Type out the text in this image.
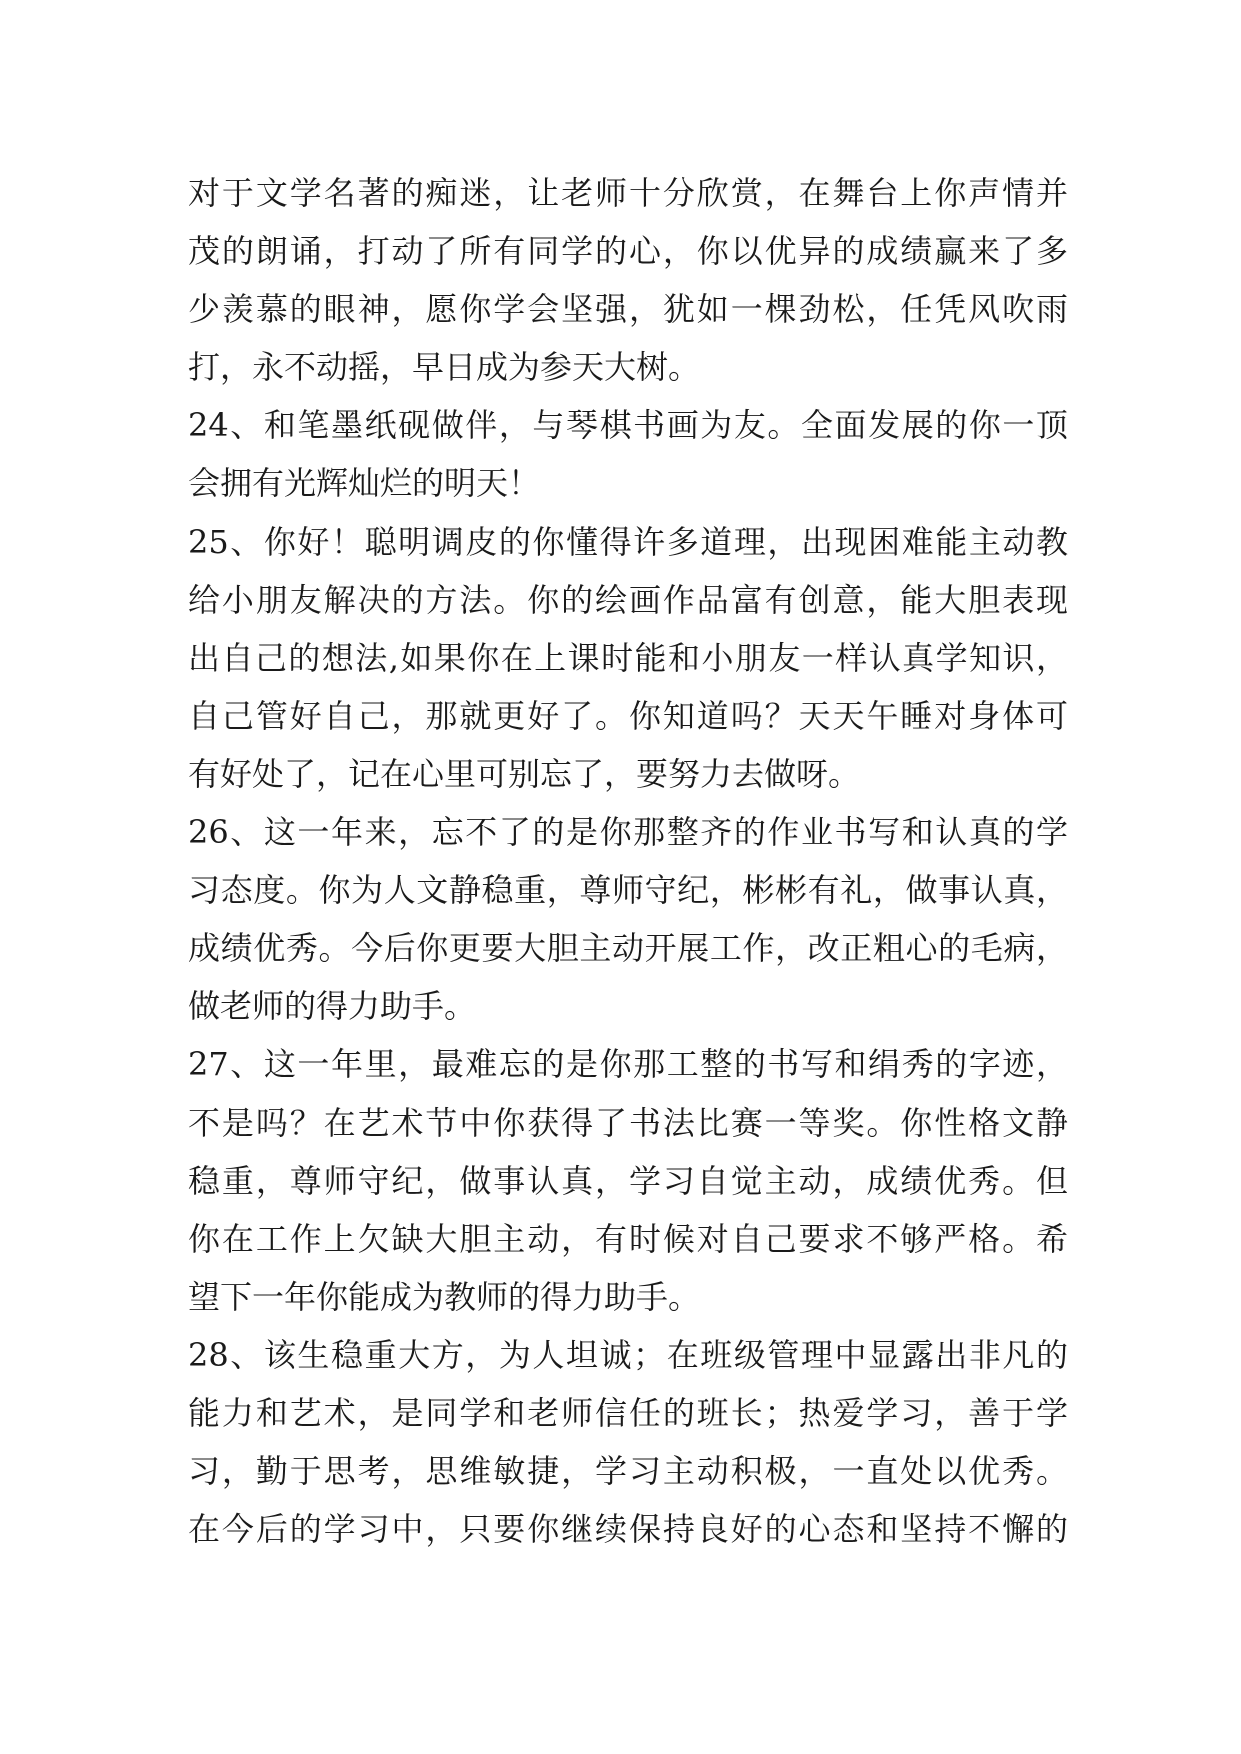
对于文学名著的痴迷，让老师十分欣赏，在舞台上你声情并
茂的朗诵，打动了所有同学的心，你以优异的成绩赢来了多
少羡慕的眼神，愿你学会坚强，犹如一棵劲松，任凭风吹雨
打，永不动摇，早日成为参天大树。
24、和笔墨纸砚做伴，与琴棋书画为友。全面发展的你一顶
会拥有光辉灿烂的明天！
25、你好！聪明调皮的你懂得许多道理，出现困难能主动教
给小朋友解决的方法。你的绘画作品富有创意，能大胆表现
出自己的想法,如果你在上课时能和小朋友一样认真学知识，
自己管好自己，那就更好了。你知道吗？天天午睡对身体可
有好处了，记在心里可别忘了，要努力去做呀。
26、这一年来，忘不了的是你那整齐的作业书写和认真的学
习态度。你为人文静稳重，尊师守纪，彬彬有礼，做事认真，
成绩优秀。今后你更要大胆主动开展工作，改正粗心的毛病，
做老师的得力助手。
27、这一年里，最难忘的是你那工整的书写和绢秀的字迹，
不是吗？在艺术节中你获得了书法比赛一等奖。你性格文静
稳重，尊师守纪，做事认真，学习自觉主动，成绩优秀。但
你在工作上欠缺大胆主动，有时候对自己要求不够严格。希
望下一年你能成为教师的得力助手。
28、该生稳重大方，为人坦诚；在班级管理中显露出非凡的
能力和艺术，是同学和老师信任的班长；热爱学习，善于学
习，勤于思考，思维敏捷，学习主动积极，一直处以优秀。
在今后的学习中，只要你继续保持良好的心态和坚持不懈的
